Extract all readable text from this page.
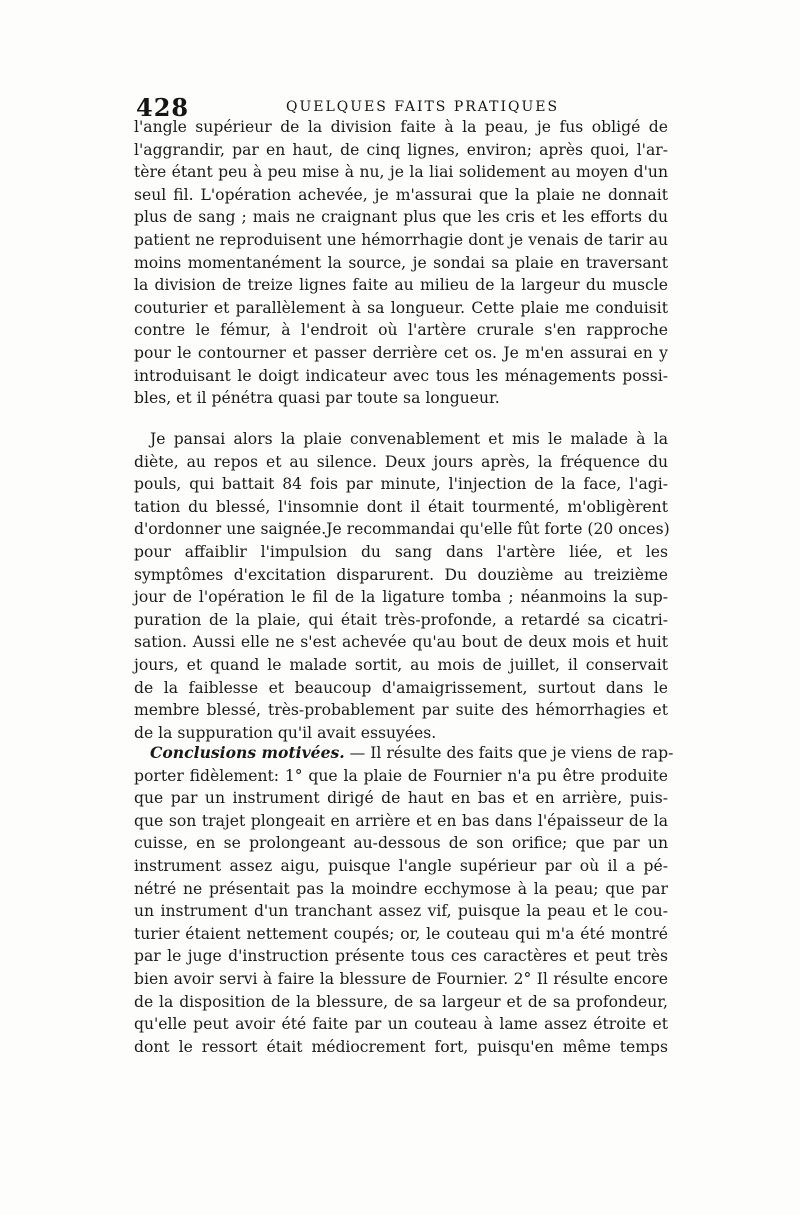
428	QUELQUES FAITS PRATIQUES
l'angle supérieur de la division faite à la peau, je fus obligé de
l'aggrandir, par en haut, de cinq lignes, environ; après quoi, l'ar-
tère étant peu à peu mise à nu, je la liai solidement au moyen d'un
seul fil. L'opération achevée, je m'assurai que la plaie ne donnait
plus de sang ; mais ne craignant plus que les cris et les efforts du
patient ne reproduisent une hémorrhagie dont je venais de tarir au
moins momentanément la source, je sondai sa plaie en traversant
la division de treize lignes faite au milieu de la largeur du muscle
couturier et parallèlement à sa longueur. Cette plaie me conduisit
contre le fémur, à l'endroit où l'artère crurale s'en rapproche
pour le contourner et passer derrière cet os. Je m'en assurai en y
introduisant le doigt indicateur avec tous les ménagements possi-
bles, et il pénétra quasi par toute sa longueur.
Je pansai alors la plaie convenablement et mis le malade à la
diète, au repos et au silence. Deux jours après, la fréquence du
pouls, qui battait 84 fois par minute, l'injection de la face, l'agi-
tation du blessé, l'insomnie dont il était tourmenté, m'obligèrent
d'ordonner une saignée.Je recommandai qu'elle fût forte (20 onces)
pour affaiblir l'impulsion du sang dans l'artère liée, et les
symptômes d'excitation disparurent. Du douzième au treizième
jour de l'opération le fil de la ligature tomba ; néanmoins la sup-
puration de la plaie, qui était très-profonde, a retardé sa cicatri-
sation. Aussi elle ne s'est achevée qu'au bout de deux mois et huit
jours, et quand le malade sortit, au mois de juillet, il conservait
de la faiblesse et beaucoup d'amaigrissement, surtout dans le
membre blessé, très-probablement par suite des hémorrhagies et
de la suppuration qu'il avait essuyées.
Conclusions motivées. — Il résulte des faits que je viens de rap-
porter fidèlement: 1° que la plaie de Fournier n'a pu être produite
que par un instrument dirigé de haut en bas et en arrière, puis-
que son trajet plongeait en arrière et en bas dans l'épaisseur de la
cuisse, en se prolongeant au-dessous de son orifice; que par un
instrument assez aigu, puisque l'angle supérieur par où il a pé-
nétré ne présentait pas la moindre ecchymose à la peau; que par
un instrument d'un tranchant assez vif, puisque la peau et le cou-
turier étaient nettement coupés; or, le couteau qui m'a été montré
par le juge d'instruction présente tous ces caractères et peut très
bien avoir servi à faire la blessure de Fournier. 2° Il résulte encore
de la disposition de la blessure, de sa largeur et de sa profondeur,
qu'elle peut avoir été faite par un couteau à lame assez étroite et
dont le ressort était médiocrement fort, puisqu'en même temps
